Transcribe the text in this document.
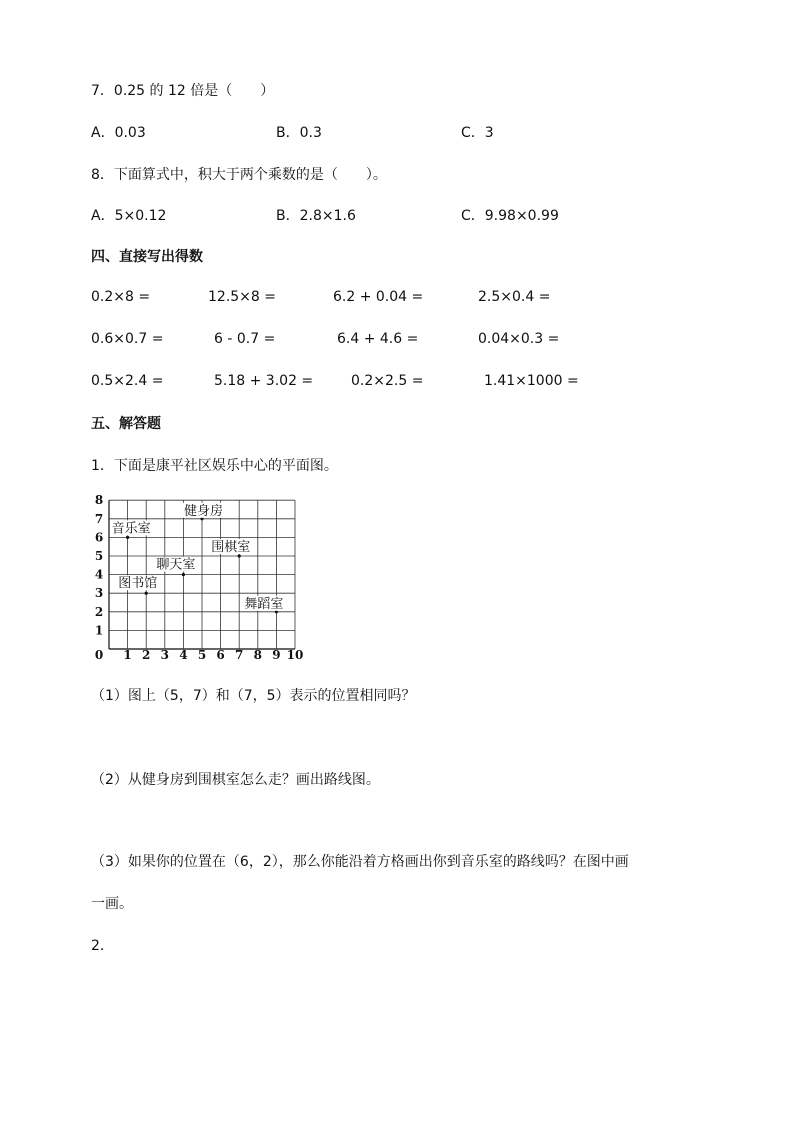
7．0.25 的 12 倍是（　　）
A．0.03	B．0.3	C．3
8．下面算式中，积大于两个乘数的是（　　）。
A．5×0.12	B．2.8×1.6	C．9.98×0.99
四、直接写出得数
0.2×8 =	12.5×8 =	6.2 + 0.04 =	2.5×0.4 =
0.6×0.7 =	6 - 0.7 =	6.4 + 4.6 =	0.04×0.3 =
0.5×2.4 =	5.18 + 3.02 =	0.2×2.5 =	1.41×1000 =
五、解答题
1．下面是康平社区娱乐中心的平面图。
0 1 2 3 4 5 6 7 8 9 10
1
2
3
4
5
6
7
8
健身房
音乐室
围棋室
聊天室
图书馆
舞蹈室
（1）图上（5，7）和（7，5）表示的位置相同吗？
（2）从健身房到围棋室怎么走？画出路线图。
（3）如果你的位置在（6，2），那么你能沿着方格画出你到音乐室的路线吗？在图中画
一画。
2．
